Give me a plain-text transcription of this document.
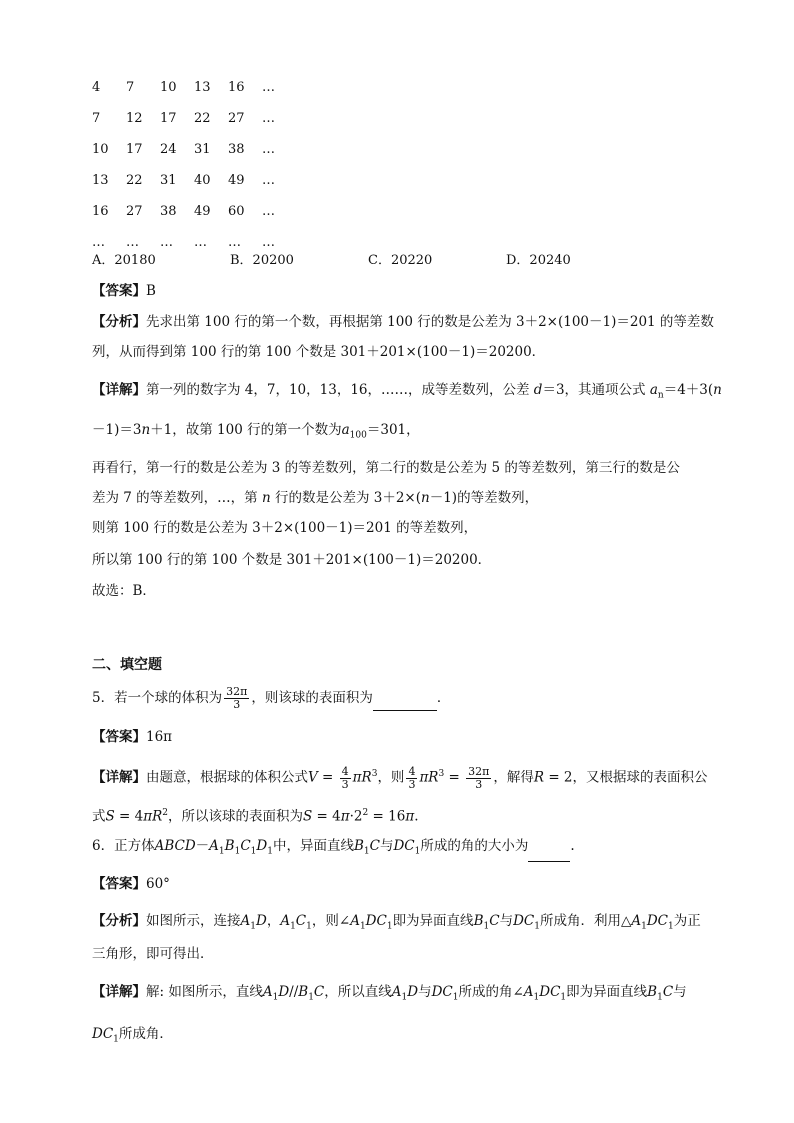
4	7	10	13	16	…
7	12	17	22	27	…
10	17	24	31	38	…
13	22	31	40	49	…
16	27	38	49	60	…
…	…	…	…	…	…
A．20180	B．20200	C．20220	D．20240
【答案】B
【分析】先求出第 100 行的第一个数，再根据第 100 行的数是公差为 3＋2×(100－1)＝201 的等差数
列，从而得到第 100 行的第 100 个数是 301＋201×(100－1)＝20200．
【详解】第一列的数字为 4，7，10，13，16，……，成等差数列，公差 d＝3，其通项公式 $a_n=4+3(n$
－1)＝3n＋1，故第 100 行的第一个数为$a_{100}=301$，
再看行，第一行的数是公差为 3 的等差数列，第二行的数是公差为 5 的等差数列，第三行的数是公
差为 7 的等差数列，…，第 n 行的数是公差为 3＋2×(n－1)的等差数列，
则第 100 行的数是公差为 3＋2×(100－1)＝201 的等差数列，
所以第 100 行的第 100 个数是 301＋201×(100－1)＝20200．
故选：B．
二、填空题
5．若一个球的体积为 $\frac{32\pi}{3}$ ，则该球的表面积为	．
【答案】16π
【详解】由题意，根据球的体积公式$V = \frac{4}{3} \pi R^3$，则 $\frac{4}{3} \pi R^3 = \frac{32\pi}{3}$ ，解得R = 2，又根据球的表面积公
式$S = 4\pi R^2$，所以该球的表面积为$S = 4\pi\cdot 2^2 = 16\pi$.
6．正方体$ABCD-A_1B_1C_1D_1$中，异面直线$B_1C$与$DC_1$所成的角的大小为	.
【答案】60°
【分析】如图所示，连接$A_1D$，$A_1C_1$，则$\angle A_1DC_1$即为异面直线$B_1C$与$DC_1$所成角．利用$\triangle A_1DC_1$为正
三角形，即可得出．
【详解】解: 如图所示，直线$A_1D//B_1C$，所以直线$A_1D$与$DC_1$所成的角$\angle A_1DC_1$即为异面直线$B_1C$与
$DC_1$所成角．
